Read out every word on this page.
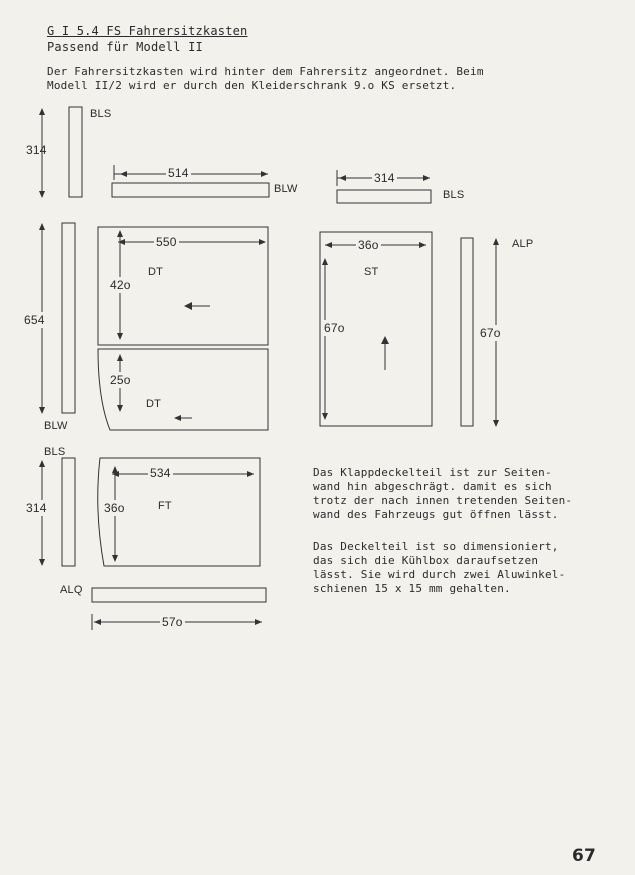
G I 5.4 FS Fahrersitzkasten
Passend für Modell II
Der Fahrersitzkasten wird hinter dem Fahrersitz angeordnet. Beim
Modell II/2 wird er durch den Kleiderschrank 9.o KS ersetzt.
BLS
BLW	BLS
DT
DT
ST
ALP
BLW
BLS
FT
ALQ
314
514	314
550
42o
25o
654
36o
67o	67o
534
36o
314
57o
Das Klappdeckelteil ist zur Seiten-
wand hin abgeschrägt. damit es sich
trotz der nach innen tretenden Seiten-
wand des Fahrzeugs gut öffnen lässt.
Das Deckelteil ist so dimensioniert,
das sich die Kühlbox daraufsetzen
lässt. Sie wird durch zwei Aluwinkel-
schienen 15 x 15 mm gehalten.
67
